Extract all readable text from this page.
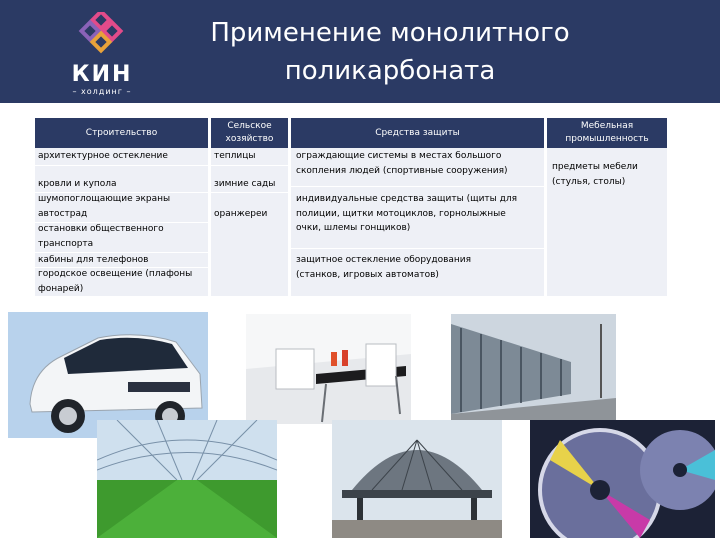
КИН
– холдинг –
Применение монолитного поликарбоната
Строительство
архитектурное остекление
кровли и купола
шумопоглощающие экраны автострад
остановки общественного транспорта
кабины для телефонов
городское освещение (плафоны фонарей)
Сельское хозяйство
теплицы
зимние сады
оранжереи
Средства защиты
ограждающие системы в местах большого скопления людей (спортивные сооружения)
индивидуальные средства защиты (щиты для полиции, щитки мотоциклов, горнолыжные очки, шлемы гонщиков)
защитное остекление оборудования (станков, игровых автоматов)
Мебельная промышленность
предметы мебели (стулья, столы)
